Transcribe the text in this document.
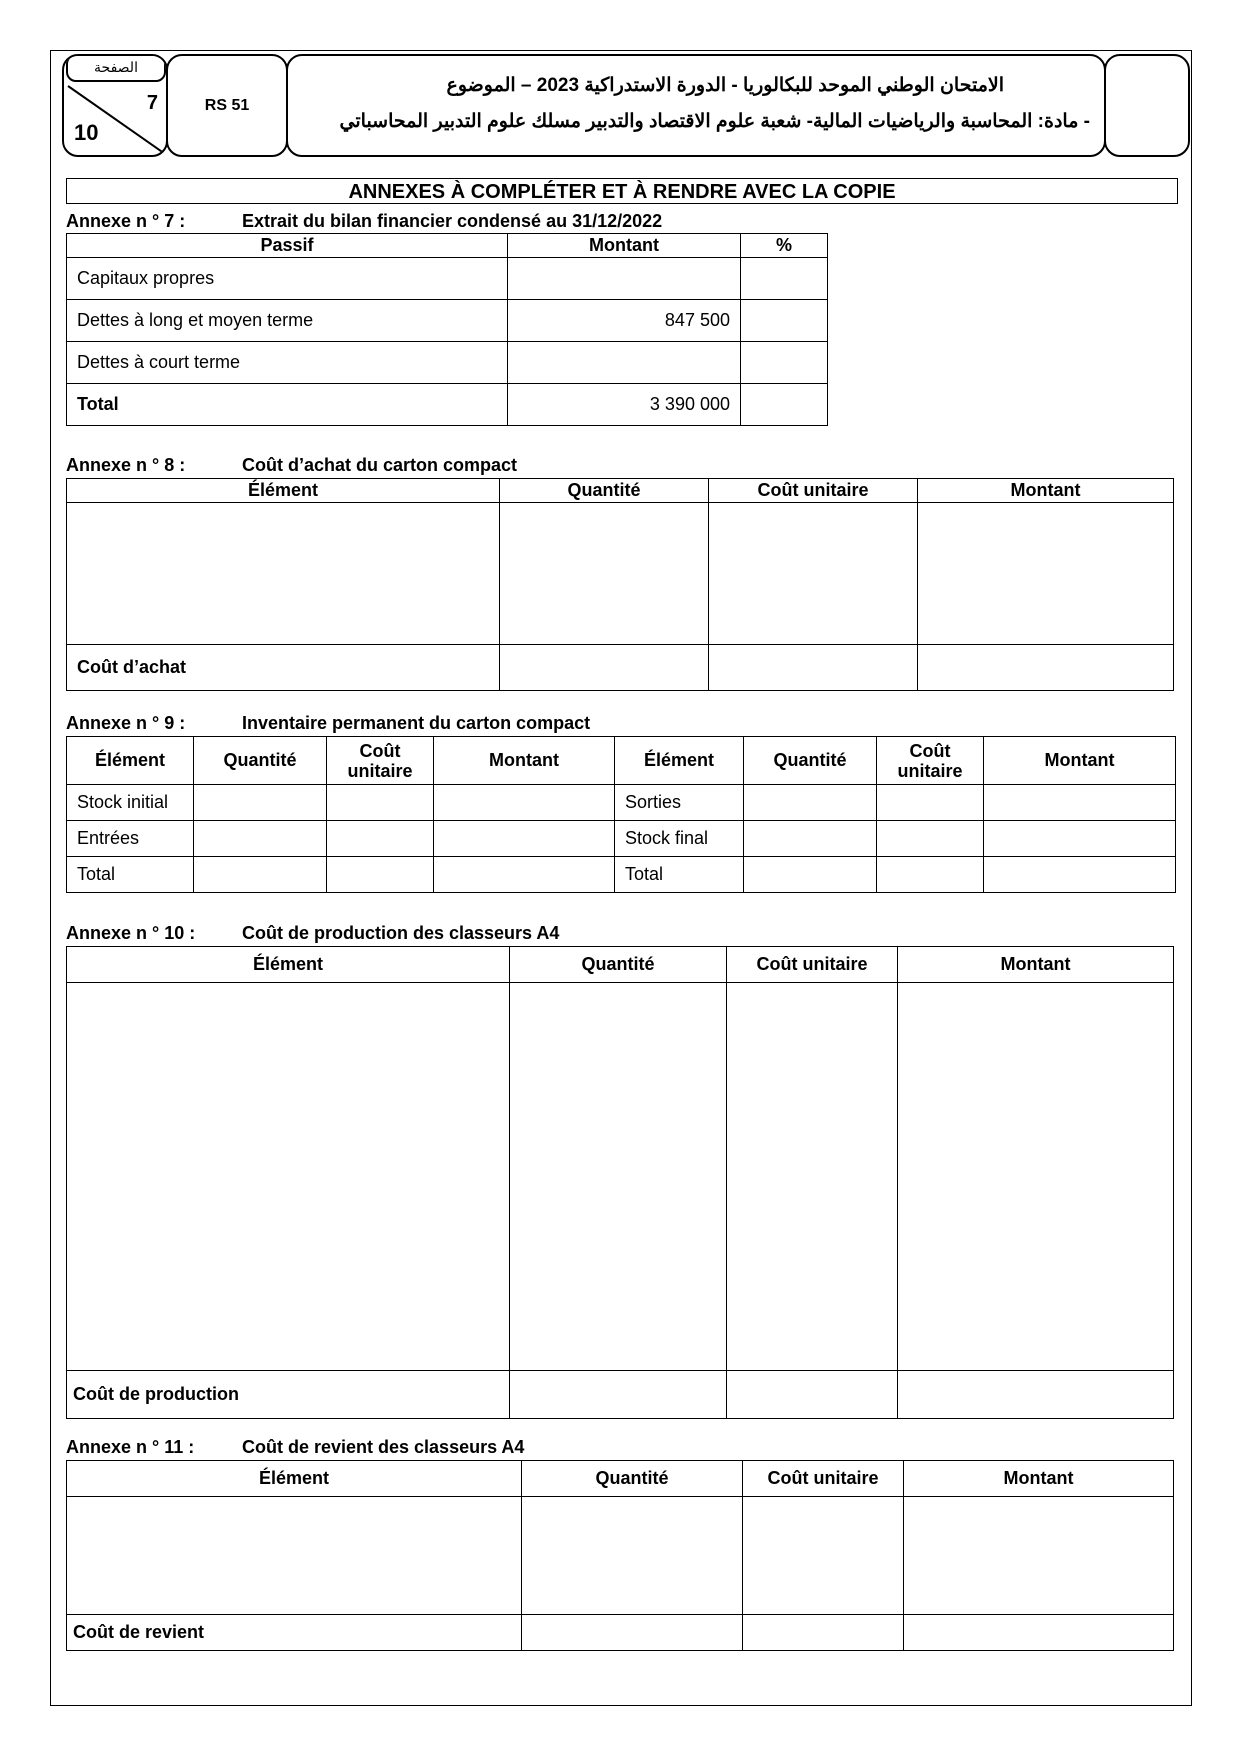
الصفحة
7
10
RS 51
الامتحان الوطني الموحد للبكالوريا - الدورة الاستدراكية 2023 – الموضوع
- مادة: المحاسبة والرياضيات المالية- شعبة علوم الاقتصاد والتدبير مسلك علوم التدبير المحاسباتي
ANNEXES À COMPLÉTER ET À RENDRE AVEC LA COPIE
Annexe n ° 7 :	Extrait du bilan financier condensé au 31/12/2022
Passif	Montant	%
Capitaux propres		
Dettes à long et moyen terme	847 500	
Dettes à court terme		
Total	3 390 000	
Annexe n ° 8 :	Coût d’achat du carton compact
Élément	Quantité	Coût unitaire	Montant

Coût d’achat			
Annexe n ° 9 :	Inventaire permanent du carton compact
Élément	Quantité	Coût unitaire	Montant	Élément	Quantité	Coût unitaire	Montant
Stock initial				Sorties			
Entrées				Stock final			
Total				Total			
Annexe n ° 10 :	Coût de production des classeurs A4
Élément	Quantité	Coût unitaire	Montant

Coût de production			
Annexe n ° 11 :	Coût de revient des classeurs A4
Élément	Quantité	Coût unitaire	Montant

Coût de revient			
